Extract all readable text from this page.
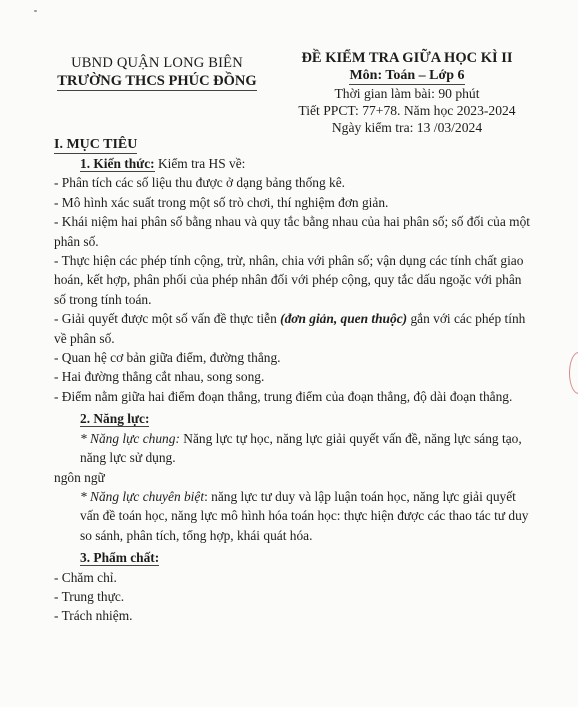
UBND QUẬN LONG BIÊN
TRƯỜNG THCS PHÚC ĐỒNG
ĐỀ KIỂM TRA GIỮA HỌC KÌ II
Môn: Toán – Lớp 6
Thời gian làm bài: 90 phút
Tiết PPCT: 77+78. Năm học 2023-2024
Ngày kiểm tra: 13 /03/2024
I. MỤC TIÊU

1. Kiến thức: Kiểm tra HS về:

- Phân tích các số liệu thu được ở dạng bảng thống kê.

- Mô hình xác suất trong một số trò chơi, thí nghiệm đơn giản.

- Khái niệm hai phân số bằng nhau và quy tắc bằng nhau của hai phân số; số đối của một phân số.

- Thực hiện các phép tính cộng, trừ, nhân, chia với phân số; vận dụng các tính chất giao hoán, kết hợp, phân phối của phép nhân đối với phép cộng, quy tắc dấu ngoặc với phân số trong tính toán.

- Giải quyết được một số vấn đề thực tiễn (đơn giản, quen thuộc) gắn với các phép tính về phân số.

- Quan hệ cơ bản giữa điểm, đường thẳng.

- Hai đường thẳng cắt nhau, song song.

- Điểm nằm giữa hai điểm đoạn thẳng, trung điểm của đoạn thẳng, độ dài đoạn thẳng.

2. Năng lực:

* Năng lực chung: Năng lực tự học, năng lực giải quyết vấn đề, năng lực sáng tạo, năng lực sử dụng.

ngôn ngữ

* Năng lực chuyên biệt: năng lực tư duy và lập luận toán học, năng lực giải quyết vấn đề toán học, năng lực mô hình hóa toán học: thực hiện được các thao tác tư duy so sánh, phân tích, tổng hợp, khái quát hóa.

3. Phẩm chất:

- Chăm chỉ.

- Trung thực.

- Trách nhiệm.
